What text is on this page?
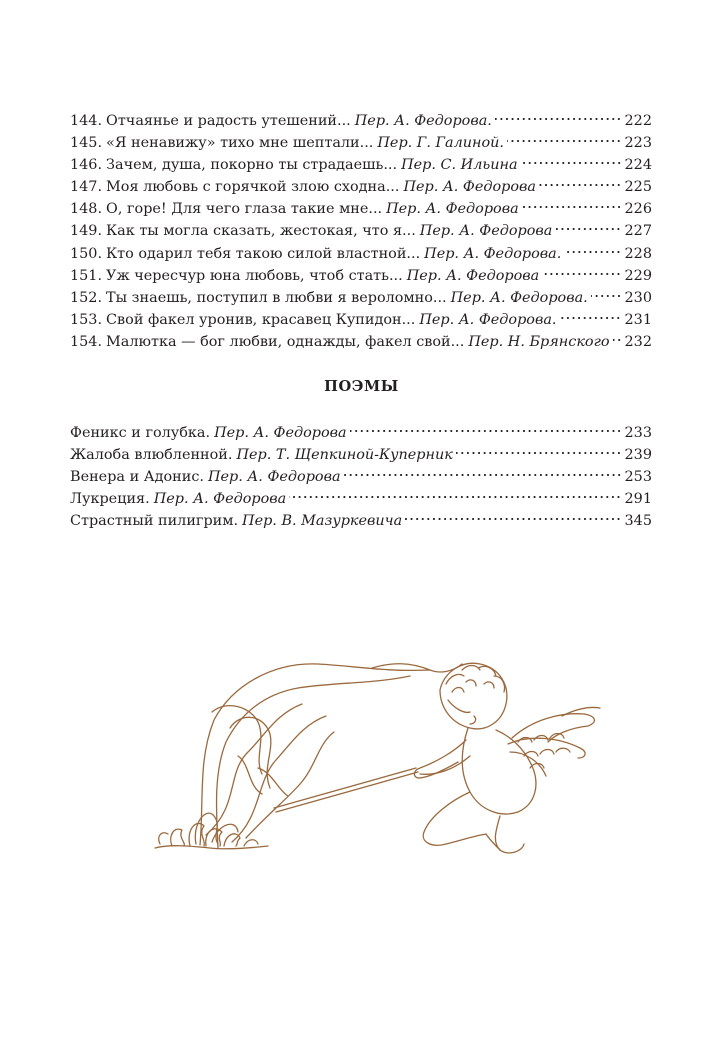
144. Отчаянье и радость утешений... Пер. А. Федорова.	222
145. «Я ненавижу» тихо мне шептали... Пер. Г. Галиной.	223
146. Зачем, душа, покорно ты страдаешь... Пер. С. Ильина	224
147. Моя любовь с горячкой злою сходна... Пер. А. Федорова	225
148. О, горе! Для чего глаза такие мне... Пер. А. Федорова	226
149. Как ты могла сказать, жестокая, что я... Пер. А. Федорова	227
150. Кто одарил тебя такою силой властной... Пер. А. Федорова.	228
151. Уж чересчур юна любовь, чтоб стать... Пер. А. Федорова	229
152. Ты знаешь, поступил в любви я вероломно... Пер. А. Федорова.	230
153. Свой факел уронив, красавец Купидон... Пер. А. Федорова.	231
154. Малютка — бог любви, однажды, факел свой... Пер. Н. Брянского 232
ПОЭМЫ
Феникс и голубка. Пер. А. Федорова	233
Жалоба влюбленной. Пер. Т. Щепкиной-Куперник	239
Венера и Адонис. Пер. А. Федорова	253
Лукреция. Пер. А. Федорова	291
Страстный пилигрим. Пер. В. Мазуркевича	345
